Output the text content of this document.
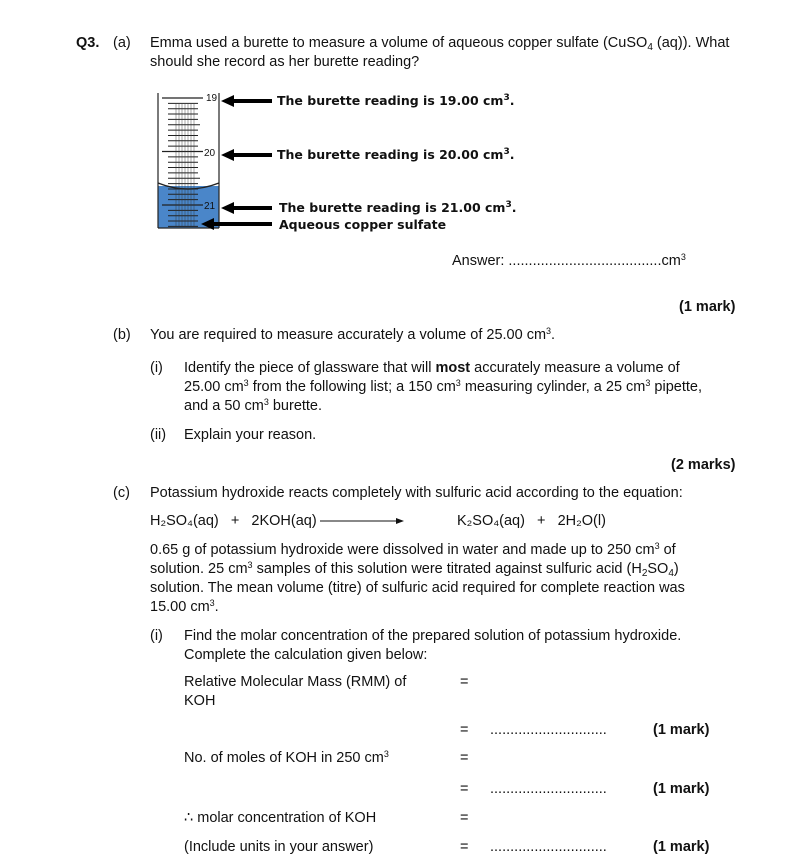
Q3. (a) Emma used a burette to measure a volume of aqueous copper sulfate (CuSO$_4$ (aq)). What
should she record as her burette reading?
19
20
21
The burette reading is 19.00 $cm^3$.
The burette reading is 20.00 $cm^3$.
The burette reading is 21.00 $cm^3$.
Aqueous copper sulfate
Answer: $......................................cm^3$
(1 mark)
(b) You are required to measure accurately a volume of 25.00 $cm^3$.
(i) Identify the piece of glassware that will most accurately measure a volume of
25.00 $cm^3$ from the following list; a 150 $cm^3$ measuring cylinder, a 25 $cm^3$ pipette,
and a 50 $cm^3$ burette.
(ii) Explain your reason.
(2 marks)
(c) Potassium hydroxide reacts completely with sulfuric acid according to the equation:
H₂SO₄(aq)   +   2KOH(aq)	K₂SO₄(aq)   +   2H₂O(l)
0.65 g of potassium hydroxide were dissolved in water and made up to 250 $cm^3$ of
solution. 25 $cm^3$ samples of this solution were titrated against sulfuric acid $(H_2SO_4)$
solution. The mean volume (titre) of sulfuric acid required for complete reaction was
15.00 $cm^3$.
(i) Find the molar concentration of the prepared solution of potassium hydroxide.
Complete the calculation given below:
Relative Molecular Mass (RMM) of
KOH
=
= .............................	(1 mark)
No. of moles of KOH in 250 $cm^3$	=
= .............................	(1 mark)
∴ molar concentration of KOH	=
(Include units in your answer)	= .............................	(1 mark)
